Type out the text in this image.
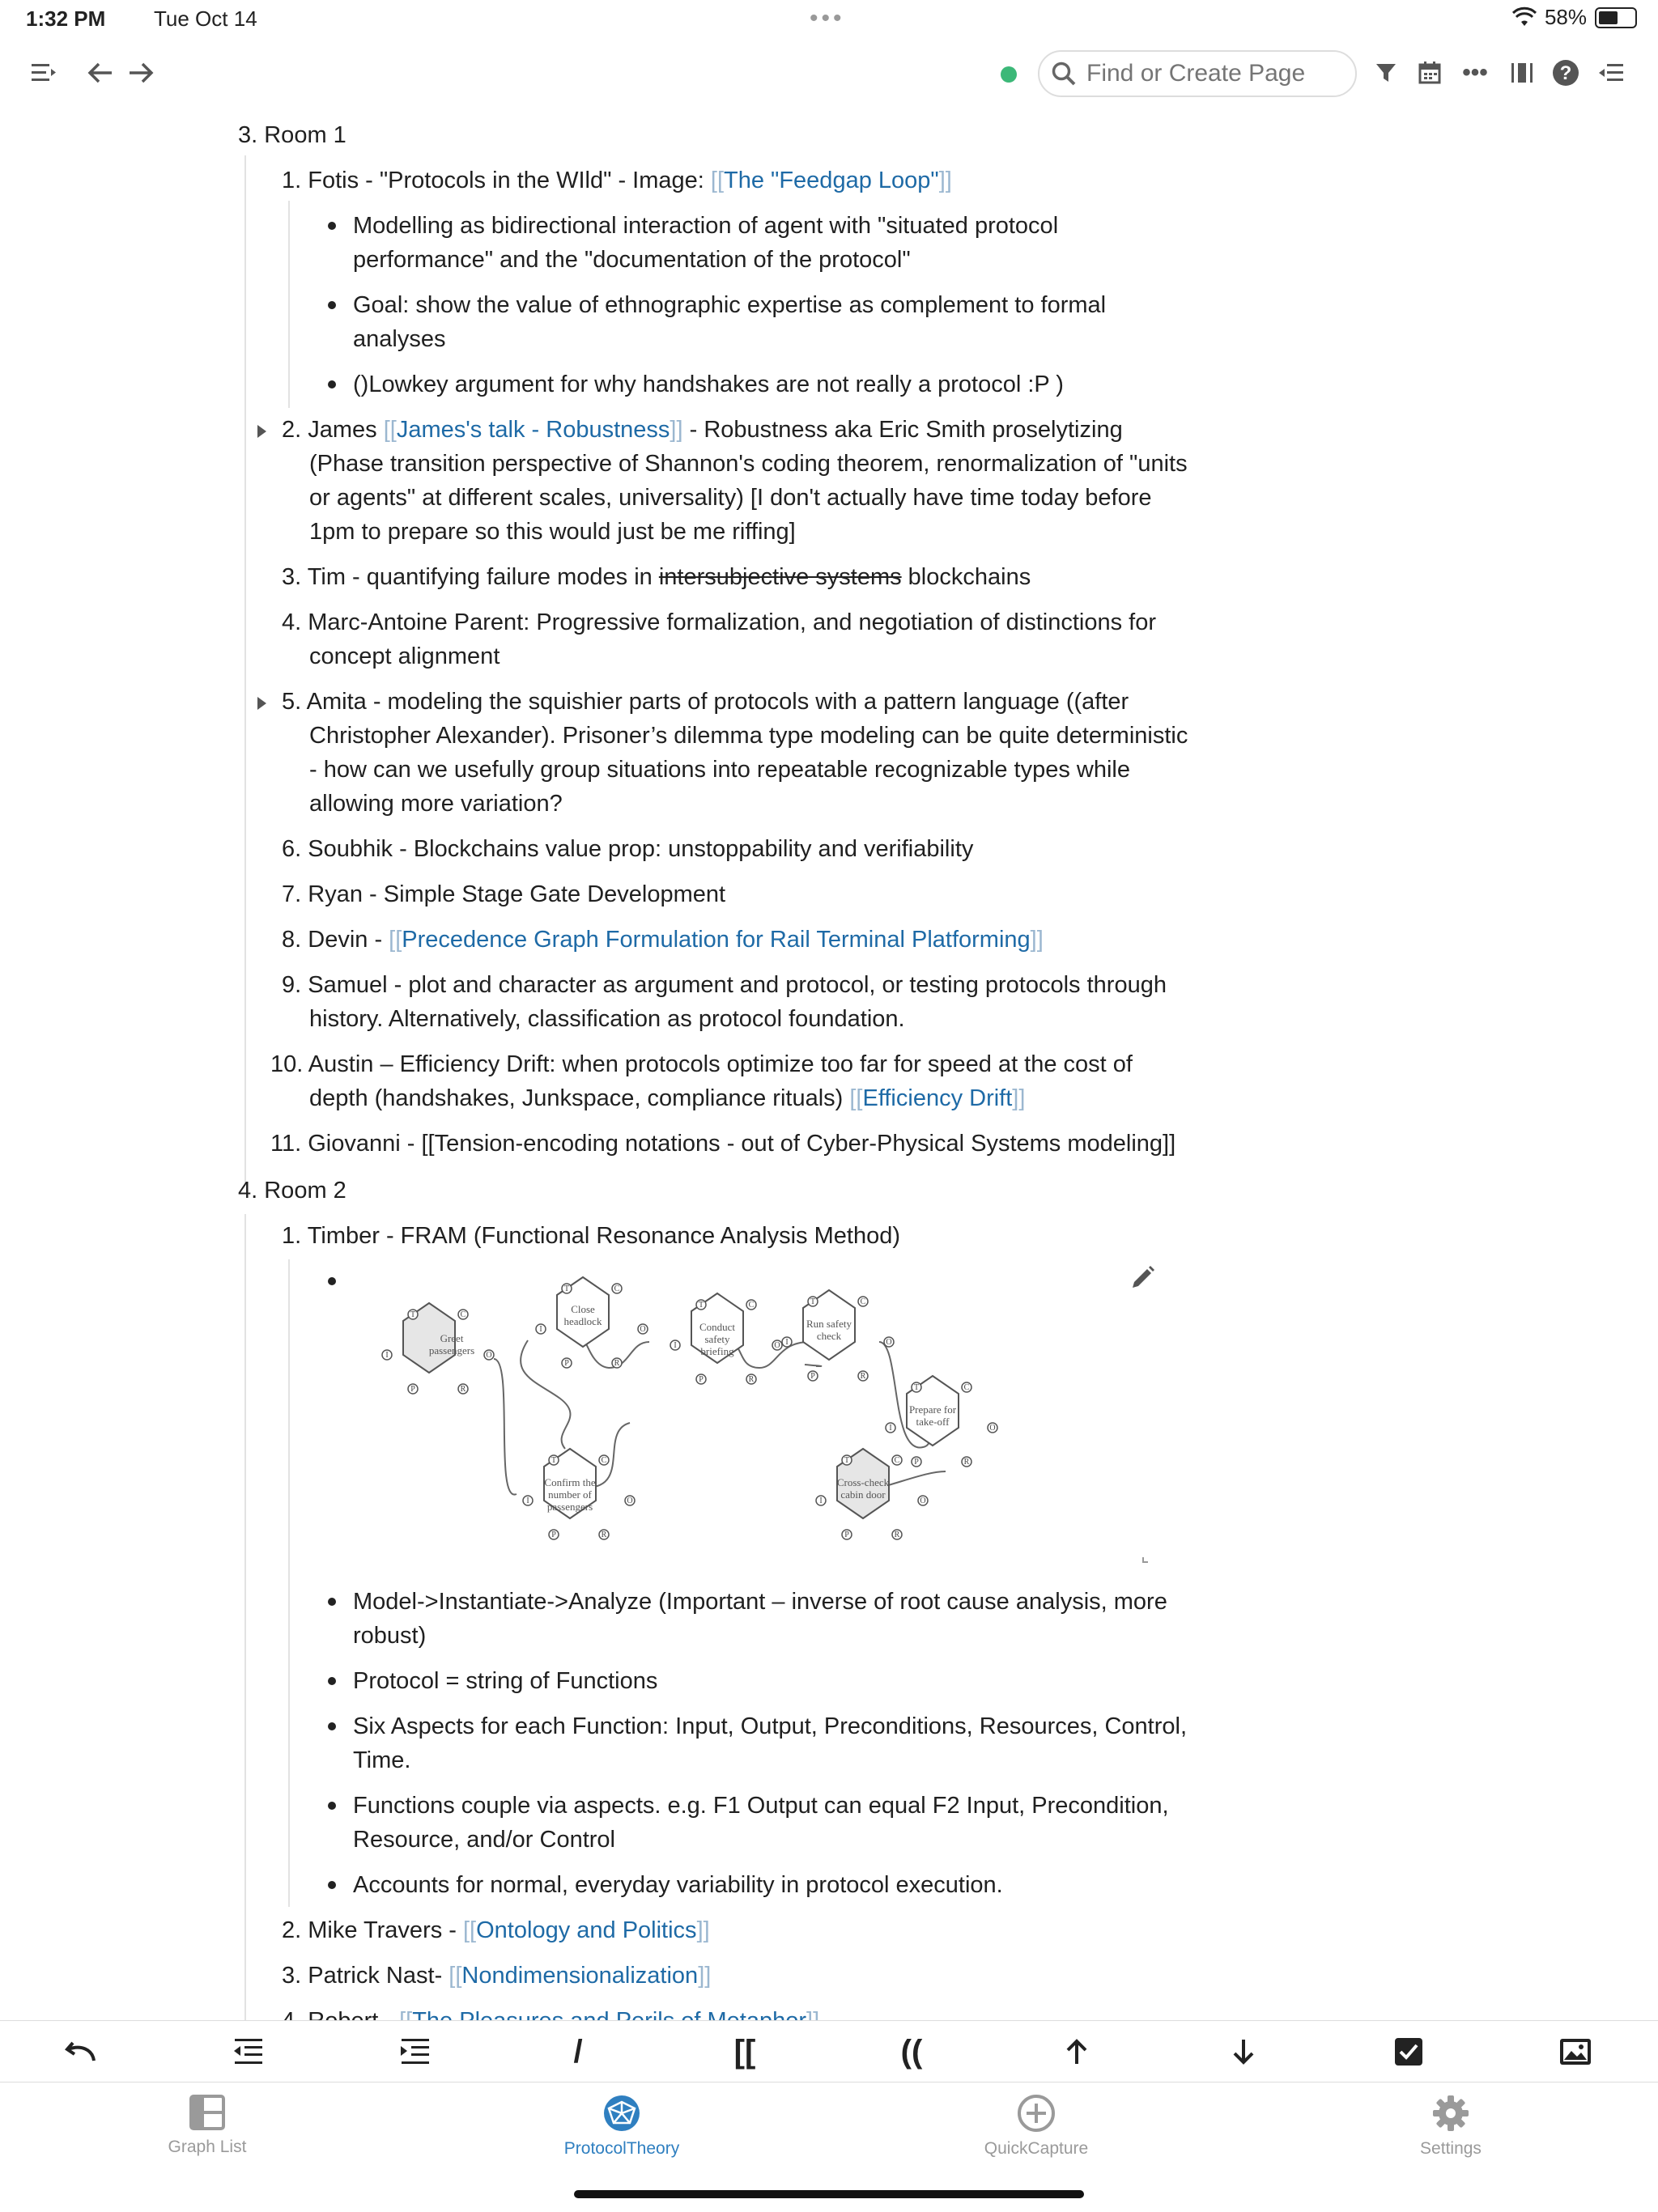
1:32 PM Tue Oct 14	•••	58%
Find or Create Page
•••	?
3. Room 1
1. Fotis - "Protocols in the WIld" - Image: [[The "Feedgap Loop"]]
Modelling as bidirectional interaction of agent with "situated protocol
performance" and the "documentation of the protocol"
Goal: show the value of ethnographic expertise as complement to formal
analyses
()Lowkey argument for why handshakes are not really a protocol :P )
2. James [[James's talk - Robustness]] - Robustness aka Eric Smith proselytizing
(Phase transition perspective of Shannon's coding theorem, renormalization of "units
or agents" at different scales, universality) [I don't actually have time today before
1pm to prepare so this would just be me riffing]
3. Tim - quantifying failure modes in intersubjective systems blockchains
4. Marc-Antoine Parent: Progressive formalization, and negotiation of distinctions for
concept alignment
5. Amita - modeling the squishier parts of protocols with a pattern language ((after
Christopher Alexander). Prisoner’s dilemma type modeling can be quite deterministic
- how can we usefully group situations into repeatable recognizable types while
allowing more variation?
6. Soubhik - Blockchains value prop: unstoppability and verifiability
7. Ryan - Simple Stage Gate Development
8. Devin - [[Precedence Graph Formulation for Rail Terminal Platforming]]
9. Samuel - plot and character as argument and protocol, or testing protocols through
history. Alternatively, classification as protocol foundation.
10. Austin – Efficiency Drift: when protocols optimize too far for speed at the cost of
depth (handshakes, Junkspace, compliance rituals) [[Efficiency Drift]]
11. Giovanni - [[Tension-encoding notations - out of Cyber-Physical Systems modeling]]
4. Room 2
1. Timber - FRAM (Functional Resonance Analysis Method)
Greet passengers
Close headlock	Conduct safety briefing
Run safety check
Prepare for take-off
Confirm the number of passengers
Cross-check cabin door
T	C
I	O
P	R
T	C
I	O
P	R
T	C
I	O
P	R
T	C
I	O
P	R
T	C
I	O
P	R
T	C
I	O
P	R
T	C
I	O
P	R
Model->Instantiate->Analyze (Important – inverse of root cause analysis, more
robust)
Protocol = string of Functions
Six Aspects for each Function: Input, Output, Preconditions, Resources, Control,
Time.
Functions couple via aspects. e.g. F1 Output can equal F2 Input, Precondition,
Resource, and/or Control
Accounts for normal, everyday variability in protocol execution.
2. Mike Travers - [[Ontology and Politics]]
3. Patrick Nast- [[Nondimensionalization]]
/	[[	((
Graph List	ProtocolTheory	QuickCapture	Settings
